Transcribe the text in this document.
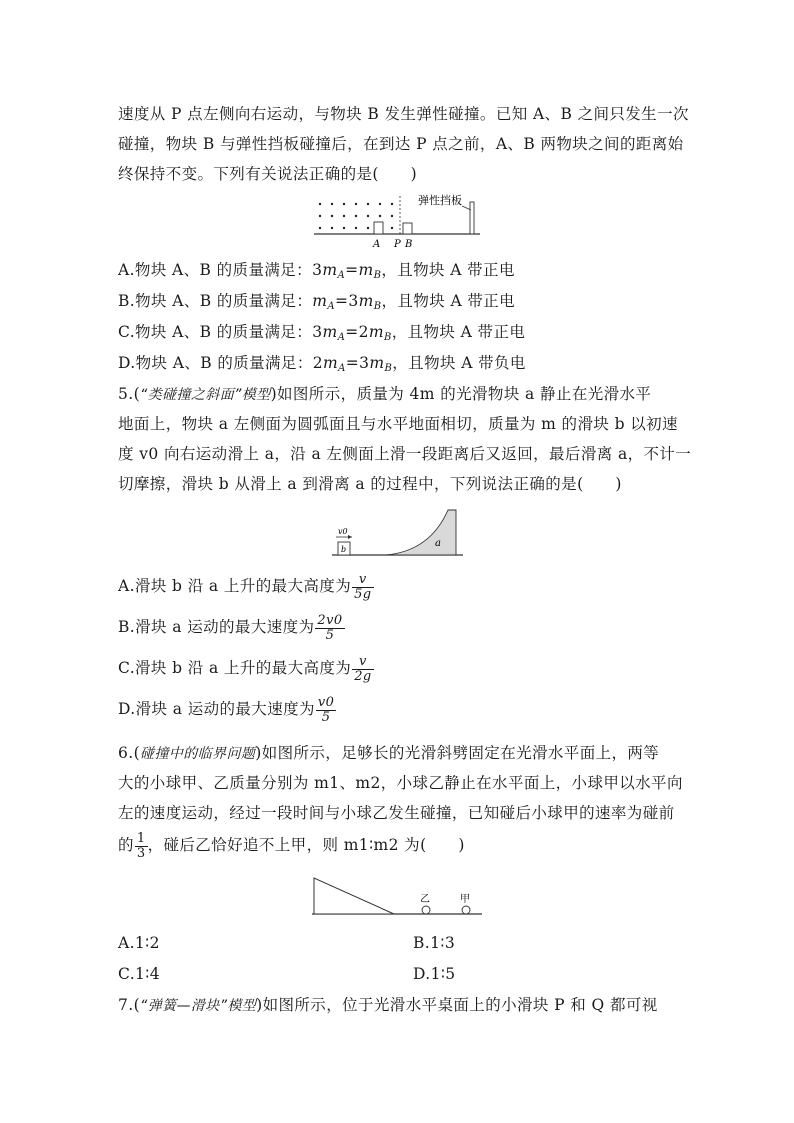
速度从 P 点左侧向右运动，与物块 B 发生弹性碰撞。已知 A、B 之间只发生一次
碰撞，物块 B 与弹性挡板碰撞后，在到达 P 点之前，A、B 两物块之间的距离始
终保持不变。下列有关说法正确的是(　　)
弹性挡板
A P B
A.物块 A、B 的质量满足：$3m_A=m_B$，且物块 A 带正电
B.物块 A、B 的质量满足：$m_A=3m_B$，且物块 A 带正电
C.物块 A、B 的质量满足：$3m_A=2m_B$，且物块 A 带正电
D.物块 A、B 的质量满足：$2m_A=3m_B$，且物块 A 带负电
5.(“类碰撞之斜面”模型)如图所示，质量为 4m 的光滑物块 a 静止在光滑水平
地面上，物块 a 左侧面为圆弧面且与水平地面相切，质量为 m 的滑块 b 以初速
度 v0 向右运动滑上 a，沿 a 左侧面上滑一段距离后又返回，最后滑离 a，不计一
切摩擦，滑块 b 从滑上 a 到滑离 a 的过程中，下列说法正确的是(　　)
v0
b
a
A.滑块 b 沿 a 上升的最大高度为 $\frac{v}{5g}$
B.滑块 a 运动的最大速度为 $\frac{2v0}{5}$
C.滑块 b 沿 a 上升的最大高度为 $\frac{v}{2g}$
D.滑块 a 运动的最大速度为 $\frac{v0}{5}$
6.(碰撞中的临界问题)如图所示，足够长的光滑斜劈固定在光滑水平面上，两等
大的小球甲、乙质量分别为 m1、m2，小球乙静止在水平面上，小球甲以水平向
左的速度运动，经过一段时间与小球乙发生碰撞，已知碰后小球甲的速率为碰前
的 $\frac{1}{3}$ ，碰后乙恰好追不上甲，则 m1∶m2 为(　　)
乙	甲
A.1∶2	B.1∶3
C.1∶4	D.1∶5
7.(“弹簧—滑块”模型)如图所示，位于光滑水平桌面上的小滑块 P 和 Q 都可视
